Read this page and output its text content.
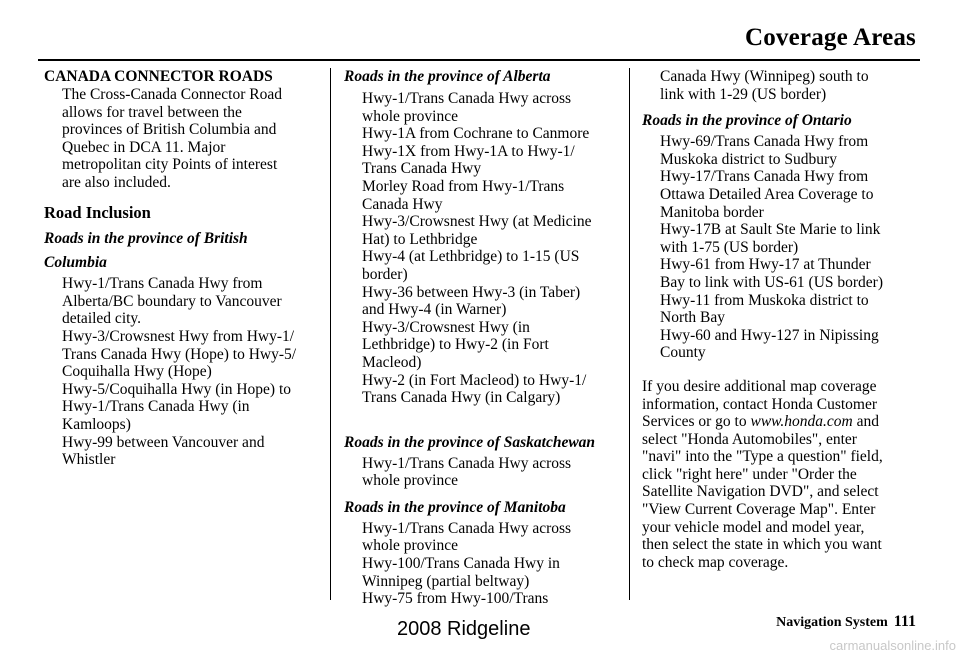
Coverage Areas
CANADA CONNECTOR ROADS
The Cross-Canada Connector Road
allows for travel between the
provinces of British Columbia and
Quebec in DCA 11. Major
metropolitan city Points of interest
are also included.
Road Inclusion
Roads in the province of British
Columbia
Hwy-1/Trans Canada Hwy from
Alberta/BC boundary to Vancouver
detailed city.
Hwy-3/Crowsnest Hwy from Hwy-1/
Trans Canada Hwy (Hope) to Hwy-5/
Coquihalla Hwy (Hope)
Hwy-5/Coquihalla Hwy (in Hope) to
Hwy-1/Trans Canada Hwy (in
Kamloops)
Hwy-99 between Vancouver and
Whistler
Roads in the province of Alberta
Hwy-1/Trans Canada Hwy across
whole province
Hwy-1A from Cochrane to Canmore
Hwy-1X from Hwy-1A to Hwy-1/
Trans Canada Hwy
Morley Road from Hwy-1/Trans
Canada Hwy
Hwy-3/Crowsnest Hwy (at Medicine
Hat) to Lethbridge
Hwy-4 (at Lethbridge) to 1-15 (US
border)
Hwy-36 between Hwy-3 (in Taber)
and Hwy-4 (in Warner)
Hwy-3/Crowsnest Hwy (in
Lethbridge) to Hwy-2 (in Fort
Macleod)
Hwy-2 (in Fort Macleod) to Hwy-1/
Trans Canada Hwy (in Calgary)
Roads in the province of Saskatchewan
Hwy-1/Trans Canada Hwy across
whole province
Roads in the province of Manitoba
Hwy-1/Trans Canada Hwy across
whole province
Hwy-100/Trans Canada Hwy in
Winnipeg (partial beltway)
Hwy-75 from Hwy-100/Trans
Canada Hwy (Winnipeg) south to
link with 1-29 (US border)
Roads in the province of Ontario
Hwy-69/Trans Canada Hwy from
Muskoka district to Sudbury
Hwy-17/Trans Canada Hwy from
Ottawa Detailed Area Coverage to
Manitoba border
Hwy-17B at Sault Ste Marie to link
with 1-75 (US border)
Hwy-61 from Hwy-17 at Thunder
Bay to link with US-61 (US border)
Hwy-11 from Muskoka district to
North Bay
Hwy-60 and Hwy-127 in Nipissing
County
If you desire additional map coverage
information, contact Honda Customer
Services or go to www.honda.com and
select "Honda Automobiles", enter
"navi" into the "Type a question" field,
click "right here" under "Order the
Satellite Navigation DVD", and select
"View Current Coverage Map". Enter
your vehicle model and model year,
then select the state in which you want
to check map coverage.
Navigation System 111
2008 Ridgeline
carmanualsonline.info
